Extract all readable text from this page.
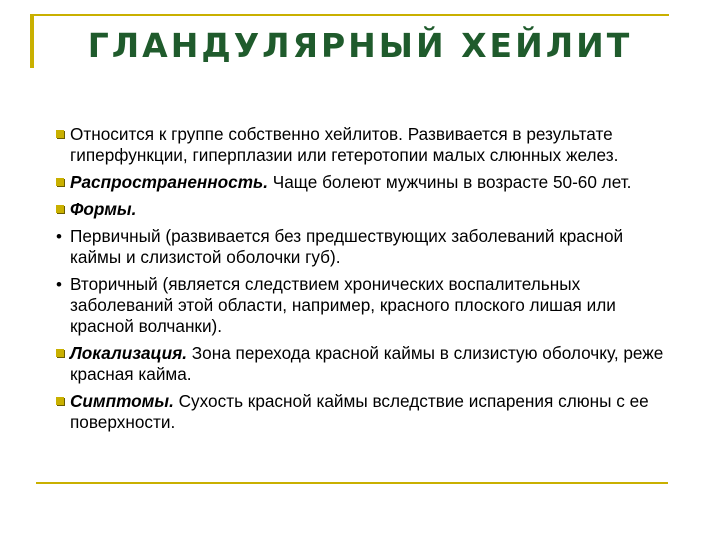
ГЛАНДУЛЯРНЫЙ ХЕЙЛИТ
Относится к группе собственно хейлитов. Развивается в результате гиперфункции, гиперплазии или гетеротопии малых слюнных желез.
Распространенность. Чаще болеют мужчины в возрасте 50-60 лет.
Формы.
• Первичный (развивается без предшествующих заболеваний красной каймы и слизистой оболочки губ).
• Вторичный (является следствием хронических воспалительных заболеваний этой области, например, красного плоского лишая или красной волчанки).
Локализация. Зона перехода красной каймы в слизистую оболочку, реже красная кайма.
Симптомы. Сухость красной каймы вследствие испарения слюны с ее поверхности.
